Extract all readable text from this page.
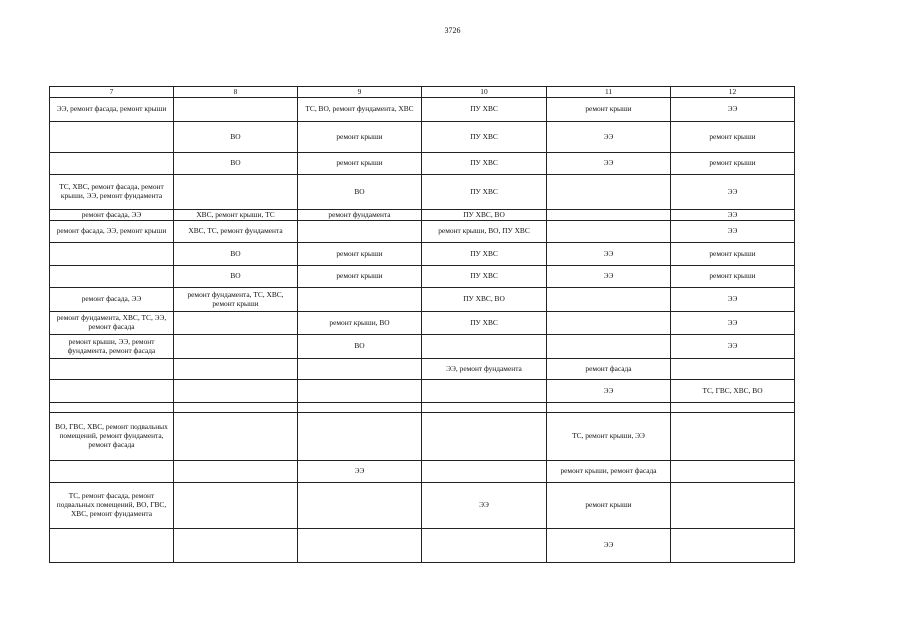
3726
7	8	9	10	11	12
ЭЭ, ремонт фасада, ремонт крыши		ТС, ВО, ремонт фундамента, ХВС	ПУ ХВС	ремонт крыши	ЭЭ
	ВО	ремонт крыши	ПУ ХВС	ЭЭ	ремонт крыши
	ВО	ремонт крыши	ПУ ХВС	ЭЭ	ремонт крыши
ТС, ХВС, ремонт фасада, ремонт крыши, ЭЭ, ремонт фундамента		ВО	ПУ ХВС		ЭЭ
ремонт фасада, ЭЭ	ХВС, ремонт крыши, ТС	ремонт фундамента	ПУ ХВС, ВО		ЭЭ
ремонт фасада, ЭЭ, ремонт крыши	ХВС, ТС, ремонт фундамента		ремонт крыши, ВО, ПУ ХВС		ЭЭ
	ВО	ремонт крыши	ПУ ХВС	ЭЭ	ремонт крыши
	ВО	ремонт крыши	ПУ ХВС	ЭЭ	ремонт крыши
ремонт фасада, ЭЭ	ремонт фундамента, ТС, ХВС, ремонт крыши		ПУ ХВС, ВО		ЭЭ
ремонт фундамента, ХВС, ТС, ЭЭ, ремонт фасада		ремонт крыши, ВО	ПУ ХВС		ЭЭ
ремонт крыши, ЭЭ, ремонт фундамента, ремонт фасада		ВО			ЭЭ
			ЭЭ, ремонт фундамента	ремонт фасада	
				ЭЭ	ТС, ГВС, ХВС, ВО

ВО, ГВС, ХВС, ремонт подвальных помещений, ремонт фундамента, ремонт фасада				ТС, ремонт крыши, ЭЭ	
		ЭЭ		ремонт крыши, ремонт фасада	
ТС, ремонт фасада, ремонт подвальных помещений, ВО, ГВС, ХВС, ремонт фундамента			ЭЭ	ремонт крыши	
				ЭЭ	
